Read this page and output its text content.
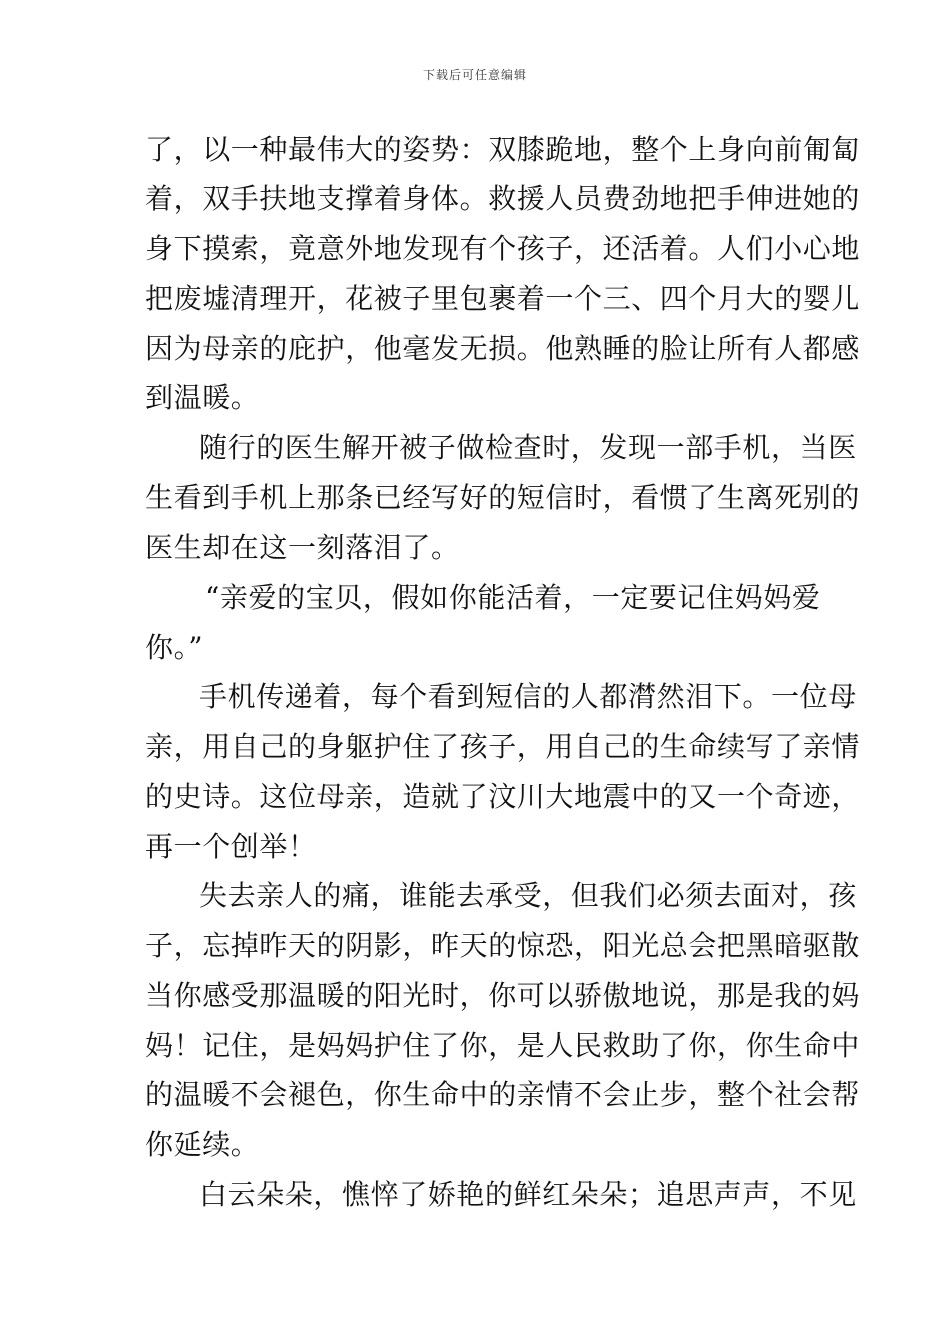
下载后可任意编辑
了，以一种最伟大的姿势：双膝跪地，整个上身向前匍匐
着，双手扶地支撑着身体。救援人员费劲地把手伸进她的
身下摸索，竟意外地发现有个孩子，还活着。人们小心地
把废墟清理开，花被子里包裹着一个三、四个月大的婴儿
因为母亲的庇护，他毫发无损。他熟睡的脸让所有人都感
到温暖。
随行的医生解开被子做检查时，发现一部手机，当医
生看到手机上那条已经写好的短信时，看惯了生离死别的
医生却在这一刻落泪了。
“亲爱的宝贝，假如你能活着，一定要记住妈妈爱
你。”
手机传递着，每个看到短信的人都潸然泪下。一位母
亲，用自己的身躯护住了孩子，用自己的生命续写了亲情
的史诗。这位母亲，造就了汶川大地震中的又一个奇迹，
再一个创举！
失去亲人的痛，谁能去承受，但我们必须去面对，孩
子，忘掉昨天的阴影，昨天的惊恐，阳光总会把黑暗驱散
当你感受那温暖的阳光时，你可以骄傲地说，那是我的妈
妈！记住，是妈妈护住了你，是人民救助了你，你生命中
的温暖不会褪色，你生命中的亲情不会止步，整个社会帮
你延续。
白云朵朵，憔悴了娇艳的鲜红朵朵；追思声声，不见
